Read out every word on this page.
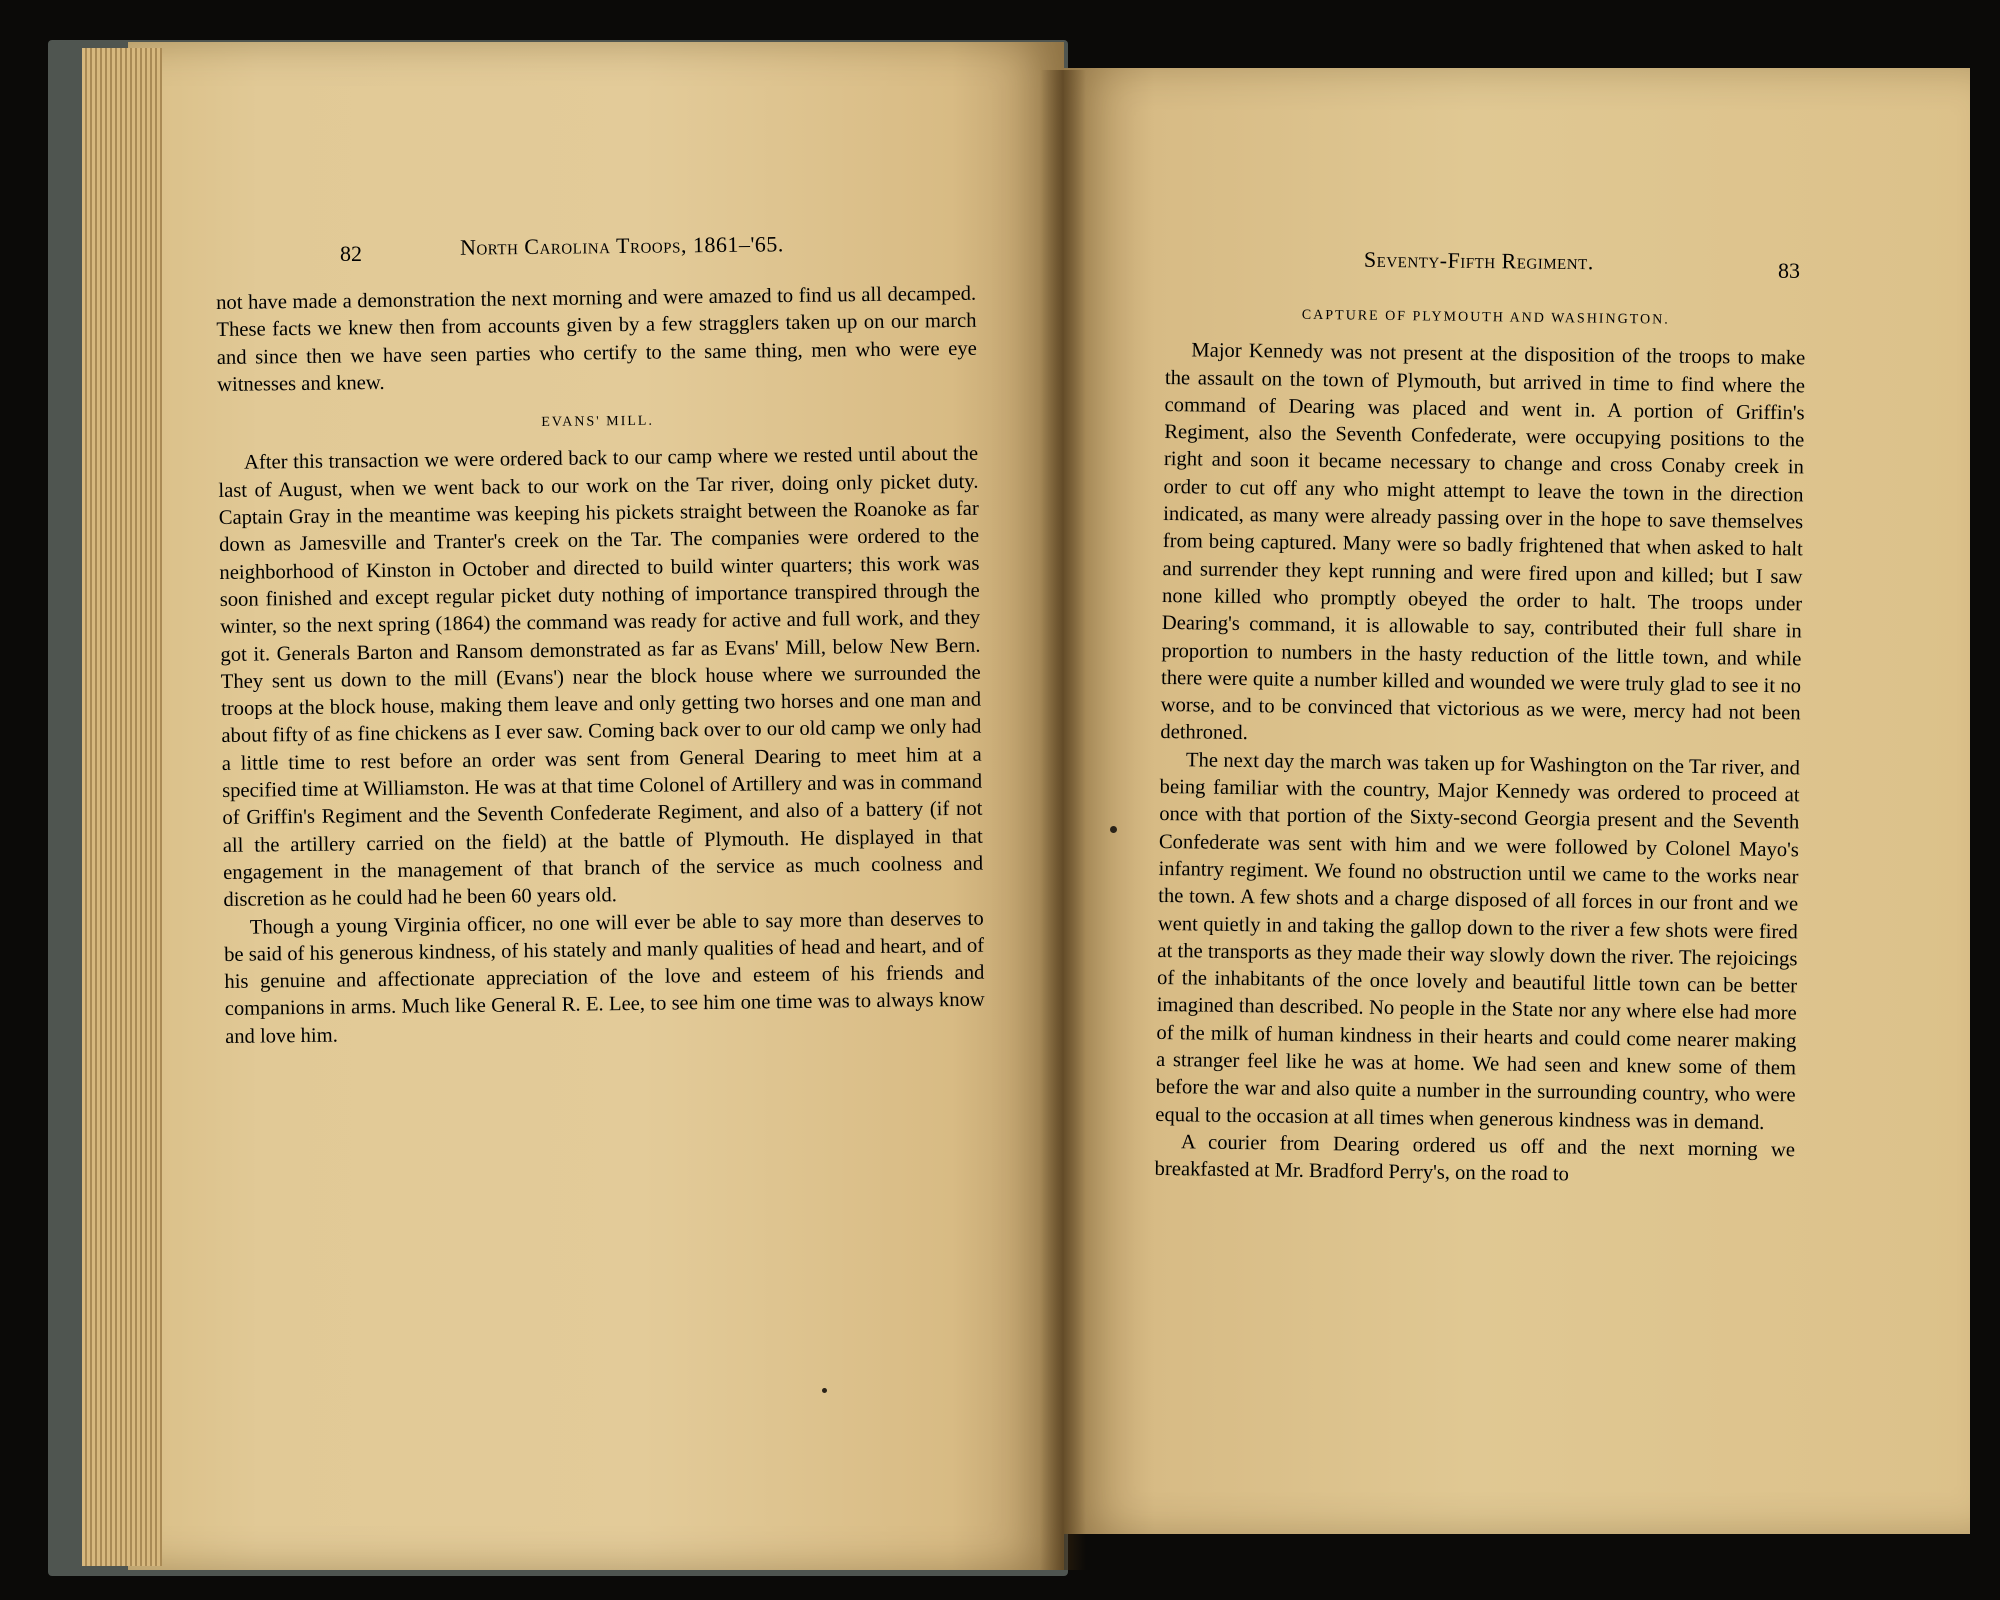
82	North Carolina Troops, 1861–'65.

not have made a demonstration the next morning and were amazed to find us all decamped. These facts we knew then from accounts given by a few stragglers taken up on our march and since then we have seen parties who certify to the same thing, men who were eye witnesses and knew.

EVANS' MILL.

After this transaction we were ordered back to our camp where we rested until about the last of August, when we went back to our work on the Tar river, doing only picket duty. Captain Gray in the meantime was keeping his pickets straight between the Roanoke as far down as Jamesville and Tranter's creek on the Tar. The companies were ordered to the neighborhood of Kinston in October and directed to build winter quarters; this work was soon finished and except regular picket duty nothing of importance transpired through the winter, so the next spring (1864) the command was ready for active and full work, and they got it. Generals Barton and Ransom demonstrated as far as Evans' Mill, below New Bern. They sent us down to the mill (Evans') near the block house where we surrounded the troops at the block house, making them leave and only getting two horses and one man and about fifty of as fine chickens as I ever saw. Coming back over to our old camp we only had a little time to rest before an order was sent from General Dearing to meet him at a specified time at Williamston. He was at that time Colonel of Artillery and was in command of Griffin's Regiment and the Seventh Confederate Regiment, and also of a battery (if not all the artillery carried on the field) at the battle of Plymouth. He displayed in that engagement in the management of that branch of the service as much coolness and discretion as he could had he been 60 years old.

Though a young Virginia officer, no one will ever be able to say more than deserves to be said of his generous kindness, of his stately and manly qualities of head and heart, and of his genuine and affectionate appreciation of the love and esteem of his friends and companions in arms. Much like General R. E. Lee, to see him one time was to always know and love him.

Seventy-Fifth Regiment.	83
CAPTURE OF PLYMOUTH AND WASHINGTON.

Major Kennedy was not present at the disposition of the troops to make the assault on the town of Plymouth, but arrived in time to find where the command of Dearing was placed and went in. A portion of Griffin's Regiment, also the Seventh Confederate, were occupying positions to the right and soon it became necessary to change and cross Conaby creek in order to cut off any who might attempt to leave the town in the direction indicated, as many were already passing over in the hope to save themselves from being captured. Many were so badly frightened that when asked to halt and surrender they kept running and were fired upon and killed; but I saw none killed who promptly obeyed the order to halt. The troops under Dearing's command, it is allowable to say, contributed their full share in proportion to numbers in the hasty reduction of the little town, and while there were quite a number killed and wounded we were truly glad to see it no worse, and to be convinced that victorious as we were, mercy had not been dethroned.

The next day the march was taken up for Washington on the Tar river, and being familiar with the country, Major Kennedy was ordered to proceed at once with that portion of the Sixty-second Georgia present and the Seventh Confederate was sent with him and we were followed by Colonel Mayo's infantry regiment. We found no obstruction until we came to the works near the town. A few shots and a charge disposed of all forces in our front and we went quietly in and taking the gallop down to the river a few shots were fired at the transports as they made their way slowly down the river. The rejoicings of the inhabitants of the once lovely and beautiful little town can be better imagined than described. No people in the State nor any where else had more of the milk of human kindness in their hearts and could come nearer making a stranger feel like he was at home. We had seen and knew some of them before the war and also quite a number in the surrounding country, who were equal to the occasion at all times when generous kindness was in demand.

A courier from Dearing ordered us off and the next morning we breakfasted at Mr. Bradford Perry's, on the road to
